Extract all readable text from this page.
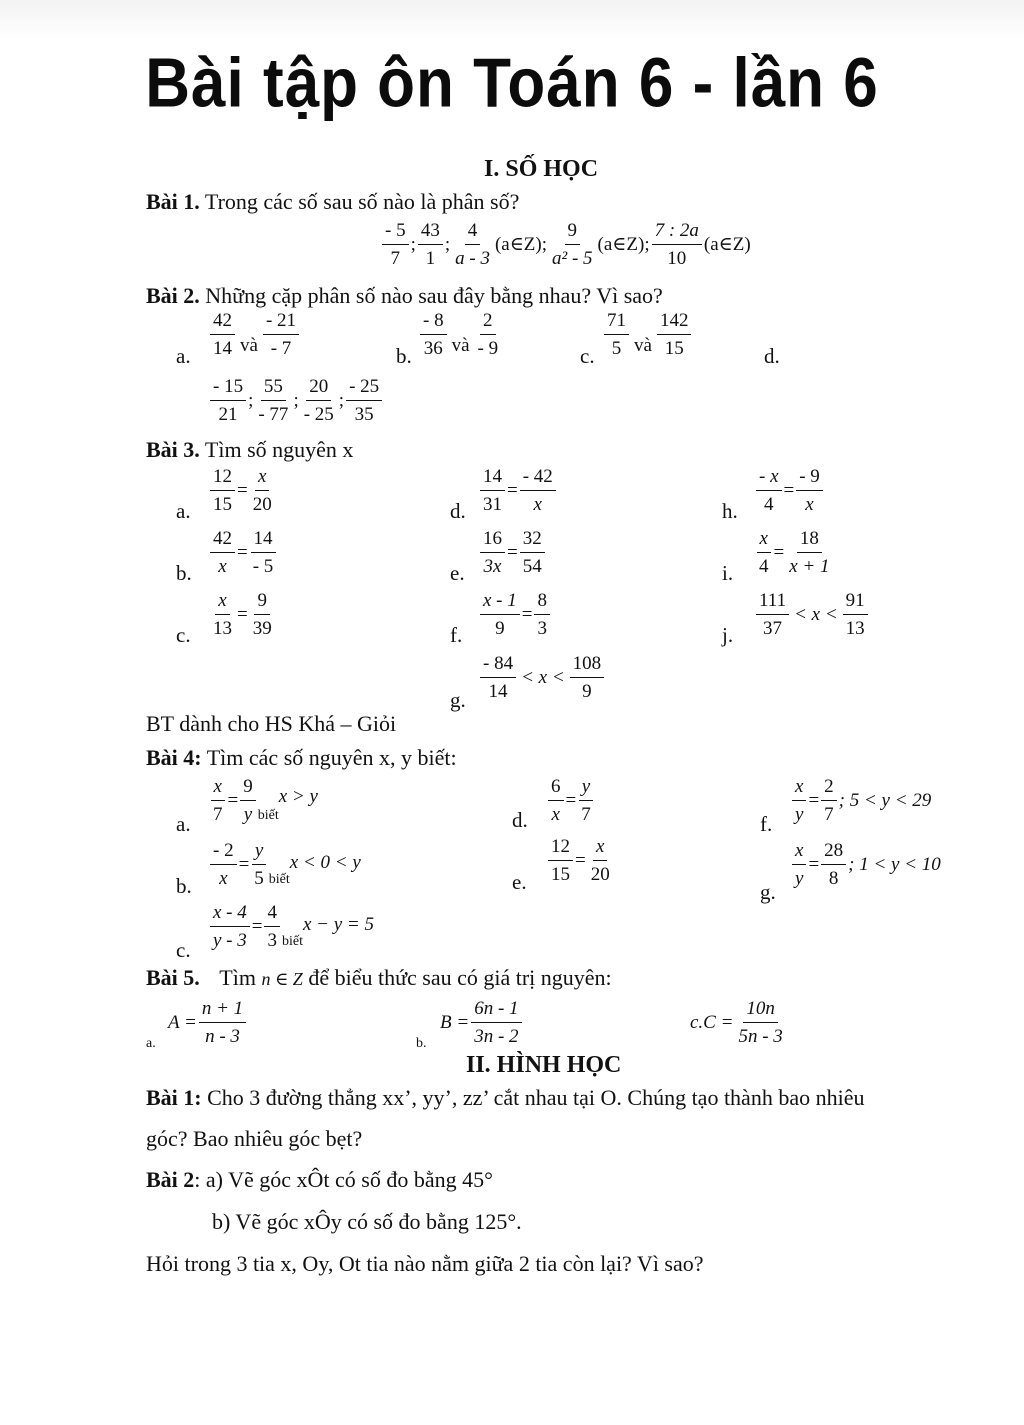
Bài tập ôn Toán 6 - lần 6
I. SỐ HỌC
Bài 1. Trong các số sau số nào là phân số?
$\frac{- 5}{7}$ ; $\frac{43}{1}$ ; $\frac{4}{a - 3}$ (a∈Z) ; $\frac{9}{\text{a² - 5}}$ (a∈Z) ; $\frac{7 : 2a}{10}$ (a∈Z)
Bài 2. Những cặp phân số nào sau đây bằng nhau? Vì sao?
a. $\frac{42}{14}$ và $\frac{- 21}{- 7}$	b. $\frac{- 8}{36}$ và $\frac{2}{- 9}$	c. $\frac{71}{5}$ và $\frac{142}{15}$	d.
$\frac{- 15}{21}$ ; $\frac{55}{- 77}$ ; $\frac{20}{- 25}$ ; $\frac{- 25}{35}$
Bài 3. Tìm số nguyên x
a. $\frac{12}{15} = \frac{x}{20}$
b. $\frac{42}{x} = \frac{14}{- 5}$
c. $\frac{x}{13} = \frac{9}{39}$
d. $\frac{14}{31} = \frac{- 42}{x}$
e. $\frac{16}{3x} = \frac{32}{54}$
f. $\frac{x - 1}{9} = \frac{8}{3}$
g. $\frac{- 84}{14} < x < \frac{108}{9}$
h. $\frac{- x}{4} = \frac{- 9}{x}$
i. $\frac{x}{4} = \frac{18}{x + 1}$
j. $\frac{111}{37} < x < \frac{91}{13}$
BT dành cho HS Khá – Giỏi
Bài 4: Tìm các số nguyên x, y biết:
a. $\frac{x}{7} = \frac{9}{y}$ biết
x > y
b. $\frac{- 2}{x} = \frac{y}{5}$ biết
x < 0 < y
c. $\frac{x - 4}{y - 3} = \frac{4}{3}$ biết
x − y = 5
d. $\frac{6}{x} = \frac{y}{7}$
e. $\frac{12}{15} = \frac{x}{20}$
f. $\frac{x}{y} = \frac{2}{7}$ ; 5 < y < 29
g.
$\frac{x}{y} = \frac{28}{8}$ ; 1 < y < 10
Bài 5. Tìm n ∈ Z để biểu thức sau có giá trị nguyên:
a.
$A = \frac{n + 1}{n - 3}$	b.
$B = \frac{6n - 1}{3n - 2}$	$c.C = \frac{10n}{5n - 3}$
II. HÌNH HỌC
Bài 1: Cho 3 đường thẳng xx’, yy’, zz’ cắt nhau tại O. Chúng tạo thành bao nhiêu
góc? Bao nhiêu góc bẹt?
Bài 2: a) Vẽ góc xÔt có số đo bằng 45°
b) Vẽ góc xÔy có số đo bằng 125°.
Hỏi trong 3 tia x, Oy, Ot tia nào nằm giữa 2 tia còn lại? Vì sao?
